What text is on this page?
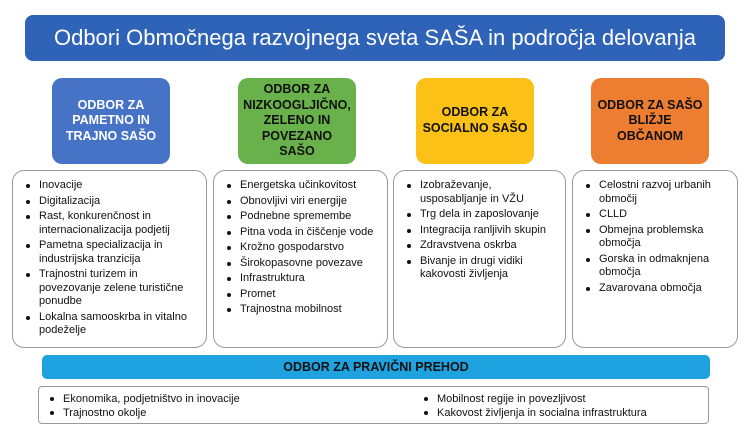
Odbori Območnega razvojnega sveta SAŠA in področja delovanja
ODBOR ZA PAMETNO IN TRAJNO SAŠO
ODBOR ZA NIZKOOGLJIČNO, ZELENO IN POVEZANO SAŠO
ODBOR ZA SOCIALNO SAŠO
ODBOR ZA SAŠO BLIŽJE OBČANOM
Inovacije
Digitalizacija
Rast, konkurenčnost in internacionalizacija podjetij
Pametna specializacija in industrijska tranzicija
Trajnostni turizem in povezovanje zelene turistične ponudbe
Lokalna samooskrba in vitalno podeželje
Energetska učinkovitost
Obnovljivi viri energije
Podnebne spremembe
Pitna voda in čiščenje vode
Krožno gospodarstvo
Širokopasovne povezave
Infrastruktura
Promet
Trajnostna mobilnost
Izobraževanje, usposabljanje in VŽU
Trg dela in zaposlovanje
Integracija ranljivih skupin
Zdravstvena oskrba
Bivanje in drugi vidiki kakovosti življenja
Celostni razvoj urbanih območij
CLLD
Obmejna problemska območja
Gorska in odmaknjena območja
Zavarovana območja
ODBOR ZA PRAVIČNI PREHOD
Ekonomika, podjetništvo in inovacije
Trajnostno okolje
Mobilnost regije in povezljivost
Kakovost življenja in socialna infrastruktura
